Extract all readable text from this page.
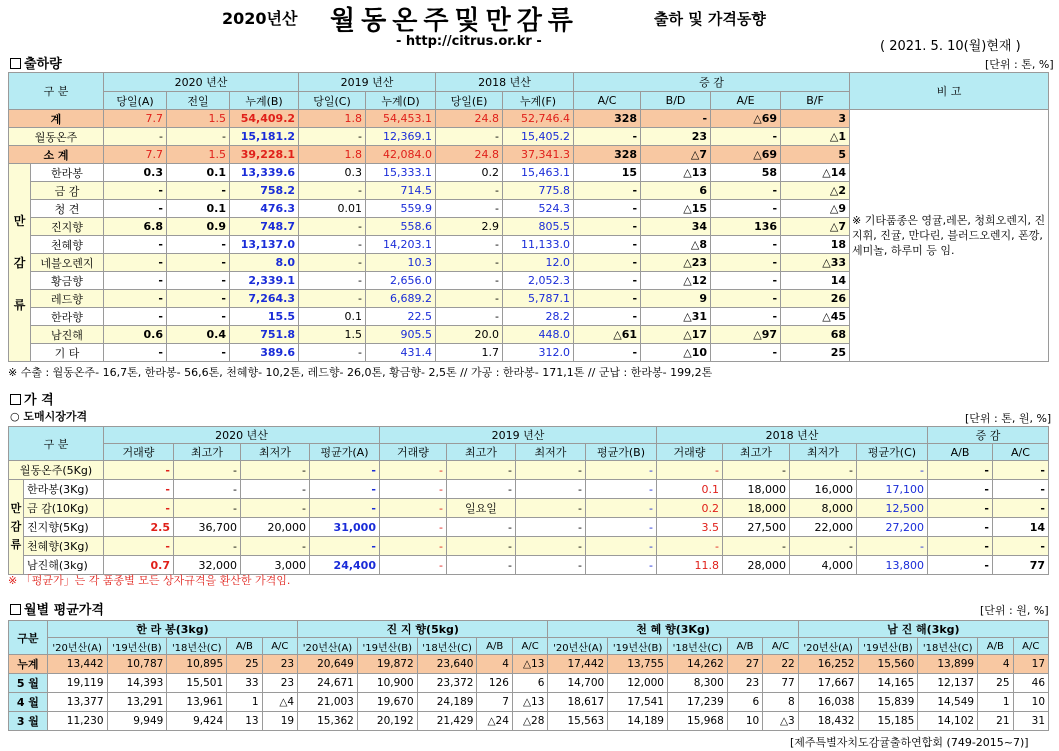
2020년산 월동온주및만감류	출하 및 가격동향
- http://citrus.or.kr -	( 2021. 5. 10(월)현재 )
출하량	[단위 : 톤, %]
구 분		2020 년산			2019 년산		2018 년산		증 감				비 고
		당일(A)	전일	누계(B)	당일(C)	누계(D)	당일(E)	누계(F)	A/C	B/D	A/E	B/F	
계		7.7	1.5	54,409.2	1.8	54,453.1	24.8	52,746.4	328	-	△69	3	※ 기타품종은 영귤,레몬, 청희오렌지, 진지휘, 진귤, 만다린, 블러드오렌지, 폰깡,세미놀, 하루미 등 임.
월동온주		-	-	15,181.2	-	12,369.1	-	15,405.2	-	23	-	△1	
소 계		7.7	1.5	39,228.1	1.8	42,084.0	24.8	37,341.3	328	△7	△69	5	
만감류	한라봉	0.3	0.1	13,339.6	0.3	15,333.1	0.2	15,463.1	15	△13	58	△14	
	금 감	-	-	758.2	-	714.5	-	775.8	-	6	-	△2	
	청 견	-	0.1	476.3	0.01	559.9	-	524.3	-	△15	-	△9	
	진지향	6.8	0.9	748.7	-	558.6	2.9	805.5	-	34	136	△7	
	천혜향	-	-	13,137.0	-	14,203.1	-	11,133.0	-	△8	-	18	
	네블오렌지	-	-	8.0	-	10.3	-	12.0	-	△23	-	△33	
	황금향	-	-	2,339.1	-	2,656.0	-	2,052.3	-	△12	-	14	
	레드향	-	-	7,264.3	-	6,689.2	-	5,787.1	-	9	-	26	
	한라향	-	-	15.5	0.1	22.5	-	28.2	-	△31	-	△45	
	남진해	0.6	0.4	751.8	1.5	905.5	20.0	448.0	△61	△17	△97	68	
	기 타	-	-	389.6	-	431.4	1.7	312.0	-	△10	-	25	
※ 수출 : 월동온주- 16,7톤, 한라봉- 56,6톤, 천혜향- 10,2톤, 레드향- 26,0톤, 황금향- 2,5톤 // 가공 : 한라봉- 171,1톤 // 군납 : 한라봉- 199,2톤
가 격
○ 도매시장가격	[단위 : 톤, 원, %]
구 분		2020 년산				2019 년산				2018 년산				증 감	
		거래량	최고가	최저가	평균가(A)	거래량	최고가	최저가	평균가(B)	거래량	최고가	최저가	평균가(C)	A/B	A/C
월동온주(5Kg)		-	-	-	-	-	-	-	-	-	-	-	-	-	-
만감류	한라봉(3Kg)	-	-	-	-	-	-	-	-	0.1	18,000	16,000	17,100	-	-
	금 감(10Kg)	-	-	-	-	-	일요일	-	-	0.2	18,000	8,000	12,500	-	-
	진지향(5Kg)	2.5	36,700	20,000	31,000	-	-	-	-	3.5	27,500	22,000	27,200	-	14
	천혜향(3Kg)	-	-	-	-	-	-	-	-	-	-	-	-	-	-
	남진해(3kg)	0.7	32,000	3,000	24,400	-	-	-	-	11.8	28,000	4,000	13,800	-	77
※ 「평균가」는 각 품종별 모든 상자규격을 환산한 가격임.
월별 평균가격	[단위 : 원, %]
구분	한 라 봉(3kg)					진 지 향(5kg)					천 혜 향(3Kg)					남 진 해(3kg)				
	'20년산(A)	'19년산(B)	'18년산(C)	A/B	A/C	'20년산(A)	'19년산(B)	'18년산(C)	A/B	A/C	'20년산(A)	'19년산(B)	'18년산(C)	A/B	A/C	'20년산(A)	'19년산(B)	'18년산(C)	A/B	A/C
누계	13,442	10,787	10,895	25	23	20,649	19,872	23,640	4	△13	17,442	13,755	14,262	27	22	16,252	15,560	13,899	4	17
5 월	19,119	14,393	15,501	33	23	24,671	10,900	23,372	126	6	14,700	12,000	8,300	23	77	17,667	14,165	12,137	25	46
4 월	13,377	13,291	13,961	1	△4	21,003	19,670	24,189	7	△13	18,617	17,541	17,239	6	8	16,038	15,839	14,549	1	10
3 월	11,230	9,949	9,424	13	19	15,362	20,192	21,429	△24	△28	15,563	14,189	15,968	10	△3	18,432	15,185	14,102	21	31
[제주특별자치도감귤출하연합회 (749-2015~7)]
